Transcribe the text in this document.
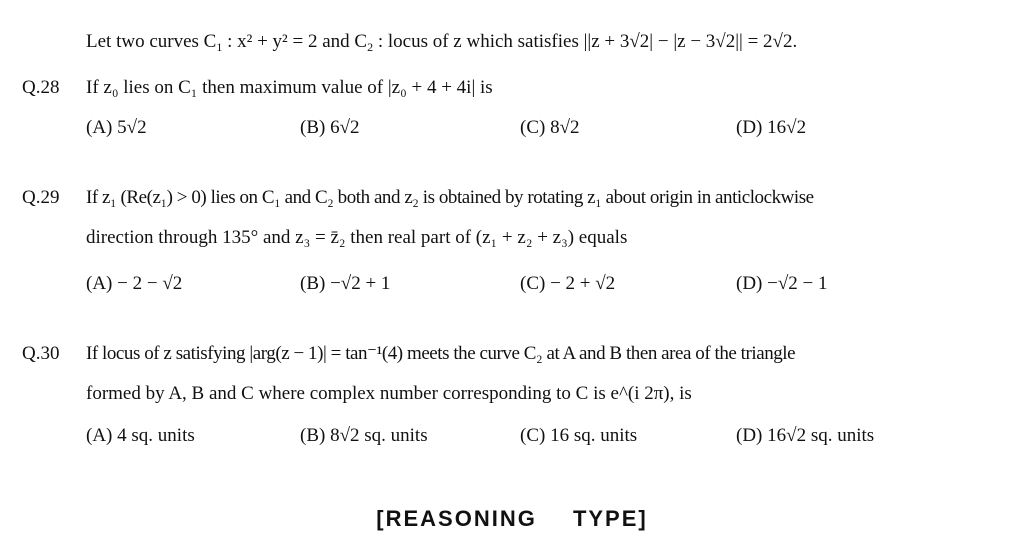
Let two curves $C_1$ : x² + y² = 2 and $C_2$ : locus of z which satisfies ||z + 3√2| − |z − 3√2|| = 2√2.
Q.28 If z₀ lies on C₁ then maximum value of |z₀ + 4 + 4i| is
(A) 5√2	(B) 6√2	(C) 8√2	(D) 16√2
Q.29 If z₁ (Re(z₁) > 0) lies on C₁ and C₂ both and z₂ is obtained by rotating z₁ about origin in anticlockwise
direction through 135° and z₃ = z̄₂ then real part of (z₁ + z₂ + z₃) equals
(A) − 2 − √2	(B) −√2 + 1	(C) − 2 + √2	(D) −√2 − 1
Q.30 If locus of z satisfying |arg(z − 1)| = tan⁻¹(4) meets the curve C₂ at A and B then area of the triangle
formed by A, B and C where complex number corresponding to C is e^(i 2π), is
(A) 4 sq. units	(B) 8√2 sq. units	(C) 16 sq. units	(D) 16√2 sq. units
[REASONING TYPE]
